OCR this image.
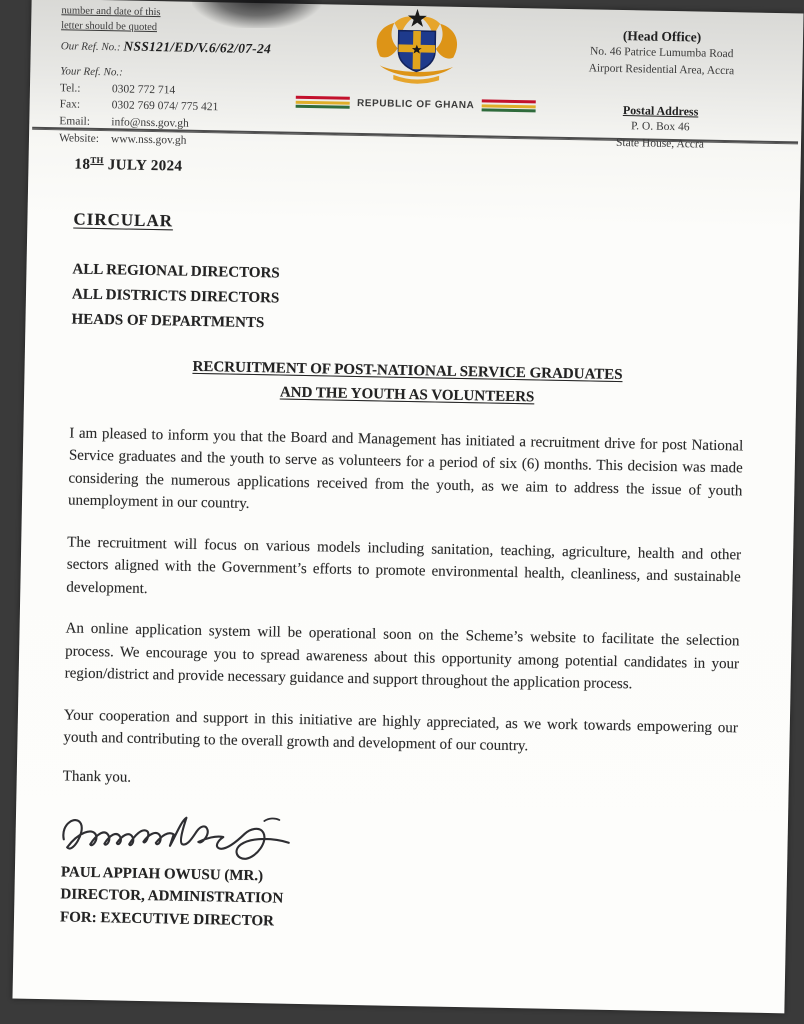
number and date of this
letter should be quoted
Our Ref. No.: NSS121/ED/V.6/62/07-24
Your Ref. No.:
Tel.:	0302 772 714
Fax:	0302 769 074/ 775 421
Email: info@nss.gov.gh
Website: www.nss.gov.gh
REPUBLIC OF GHANA
(Head Office)
No. 46 Patrice Lumumba Road
Airport Residential Area, Accra
Postal Address
P. O. Box 46
State House, Accra
18TH JULY 2024
CIRCULAR
ALL REGIONAL DIRECTORS
ALL DISTRICTS DIRECTORS
HEADS OF DEPARTMENTS
RECRUITMENT OF POST-NATIONAL SERVICE GRADUATES
AND THE YOUTH AS VOLUNTEERS

I am pleased to inform you that the Board and Management has initiated a recruitment drive for post National Service graduates and the youth to serve as volunteers for a period of six (6) months. This decision was made considering the numerous applications received from the youth, as we aim to address the issue of youth unemployment in our country.

The recruitment will focus on various models including sanitation, teaching, agriculture, health and other sectors aligned with the Government’s efforts to promote environmental health, cleanliness, and sustainable development.

An online application system will be operational soon on the Scheme’s website to facilitate the selection process. We encourage you to spread awareness about this opportunity among potential candidates in your region/district and provide necessary guidance and support throughout the application process.

Your cooperation and support in this initiative are highly appreciated, as we work towards empowering our youth and contributing to the overall growth and development of our country.

Thank you.

PAUL APPIAH OWUSU (MR.)
DIRECTOR, ADMINISTRATION
FOR: EXECUTIVE DIRECTOR
